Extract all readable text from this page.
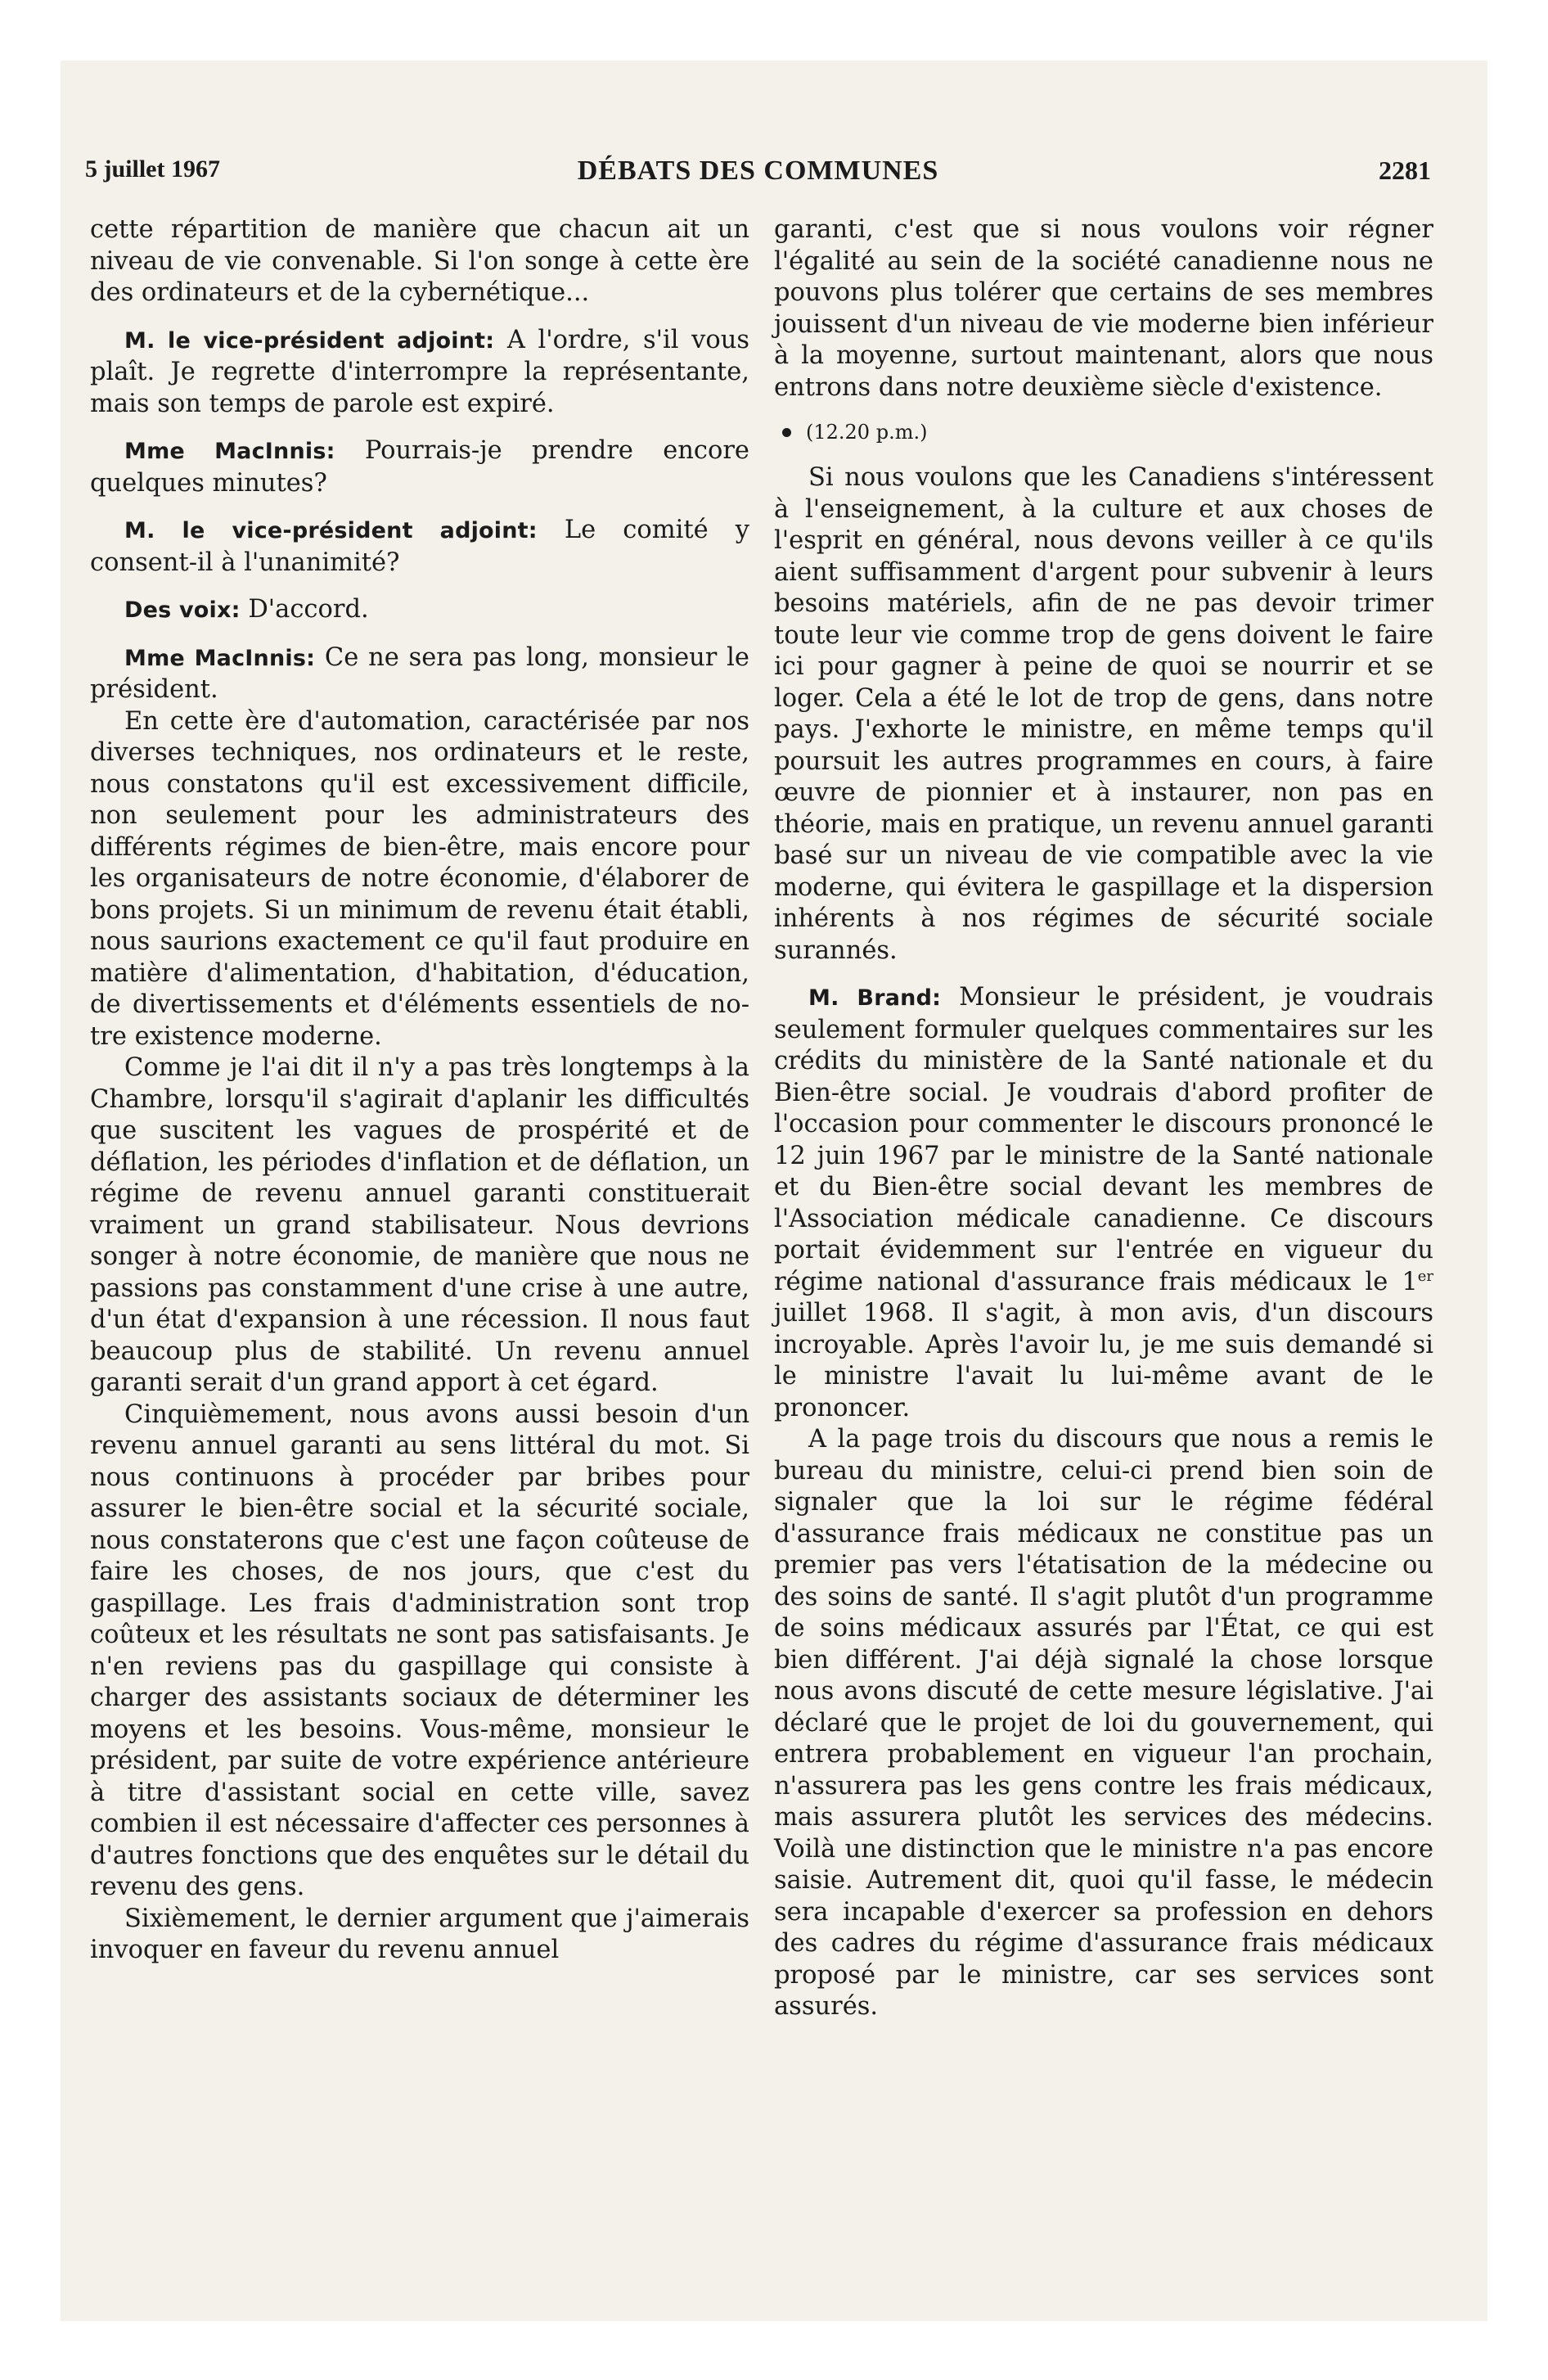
5 juillet 1967	DÉBATS DES COMMUNES	2281

cette répartition de manière que chacun ait un niveau de vie convenable. Si l'on songe à cette ère des ordinateurs et de la cybernétique...

M. le vice-président adjoint: A l'ordre, s'il vous plaît. Je regrette d'interrompre la représentante, mais son temps de parole est expiré.

Mme MacInnis: Pourrais-je prendre encore quelques minutes?

M. le vice-président adjoint: Le comité y consent-il à l'unanimité?

Des voix: D'accord.

Mme MacInnis: Ce ne sera pas long, monsieur le président.

En cette ère d'automation, caractérisée par nos diverses techniques, nos ordinateurs et le reste, nous constatons qu'il est excessivement difficile, non seulement pour les administrateurs des différents régimes de bien-être, mais encore pour les organisateurs de notre économie, d'élaborer de bons projets. Si un minimum de revenu était établi, nous saurions exactement ce qu'il faut produire en matière d'alimentation, d'habitation, d'éducation, de divertissements et d'éléments essentiels de notre existence moderne.

Comme je l'ai dit il n'y a pas très longtemps à la Chambre, lorsqu'il s'agirait d'aplanir les difficultés que suscitent les vagues de prospérité et de déflation, les périodes d'inflation et de déflation, un régime de revenu annuel garanti constituerait vraiment un grand stabilisateur. Nous devrions songer à notre économie, de manière que nous ne passions pas constamment d'une crise à une autre, d'un état d'expansion à une récession. Il nous faut beaucoup plus de stabilité. Un revenu annuel garanti serait d'un grand apport à cet égard.

Cinquièmement, nous avons aussi besoin d'un revenu annuel garanti au sens littéral du mot. Si nous continuons à procéder par bribes pour assurer le bien-être social et la sécurité sociale, nous constaterons que c'est une façon coûteuse de faire les choses, de nos jours, que c'est du gaspillage. Les frais d'administration sont trop coûteux et les résultats ne sont pas satisfaisants. Je n'en reviens pas du gaspillage qui consiste à charger des assistants sociaux de déterminer les moyens et les besoins. Vous-même, monsieur le président, par suite de votre expérience antérieure à titre d'assistant social en cette ville, savez combien il est nécessaire d'affecter ces personnes à d'autres fonctions que des enquêtes sur le détail du revenu des gens.

Sixièmement, le dernier argument que j'aimerais invoquer en faveur du revenu annuel

garanti, c'est que si nous voulons voir régner l'égalité au sein de la société canadienne nous ne pouvons plus tolérer que certains de ses membres jouissent d'un niveau de vie moderne bien inférieur à la moyenne, surtout maintenant, alors que nous entrons dans notre deuxième siècle d'existence.

(12.20 p.m.)

Si nous voulons que les Canadiens s'intéressent à l'enseignement, à la culture et aux choses de l'esprit en général, nous devons veiller à ce qu'ils aient suffisamment d'argent pour subvenir à leurs besoins matériels, afin de ne pas devoir trimer toute leur vie comme trop de gens doivent le faire ici pour gagner à peine de quoi se nourrir et se loger. Cela a été le lot de trop de gens, dans notre pays. J'exhorte le ministre, en même temps qu'il poursuit les autres programmes en cours, à faire œuvre de pionnier et à instaurer, non pas en théorie, mais en pratique, un revenu annuel garanti basé sur un niveau de vie compatible avec la vie moderne, qui évitera le gaspillage et la dispersion inhérents à nos régimes de sécurité sociale surannés.

M. Brand: Monsieur le président, je voudrais seulement formuler quelques commentaires sur les crédits du ministère de la Santé nationale et du Bien-être social. Je voudrais d'abord profiter de l'occasion pour commenter le discours prononcé le 12 juin 1967 par le ministre de la Santé nationale et du Bien-être social devant les membres de l'Association médicale canadienne. Ce discours portait évidemment sur l'entrée en vigueur du régime national d'assurance frais médicaux le 1er juillet 1968. Il s'agit, à mon avis, d'un discours incroyable. Après l'avoir lu, je me suis demandé si le ministre l'avait lu lui-même avant de le prononcer.

A la page trois du discours que nous a remis le bureau du ministre, celui-ci prend bien soin de signaler que la loi sur le régime fédéral d'assurance frais médicaux ne constitue pas un premier pas vers l'étatisation de la médecine ou des soins de santé. Il s'agit plutôt d'un programme de soins médicaux assurés par l'État, ce qui est bien différent. J'ai déjà signalé la chose lorsque nous avons discuté de cette mesure législative. J'ai déclaré que le projet de loi du gouvernement, qui entrera probablement en vigueur l'an prochain, n'assurera pas les gens contre les frais médicaux, mais assurera plutôt les services des médecins. Voilà une distinction que le ministre n'a pas encore saisie. Autrement dit, quoi qu'il fasse, le médecin sera incapable d'exercer sa profession en dehors des cadres du régime d'assurance frais médicaux proposé par le ministre, car ses services sont assurés.
